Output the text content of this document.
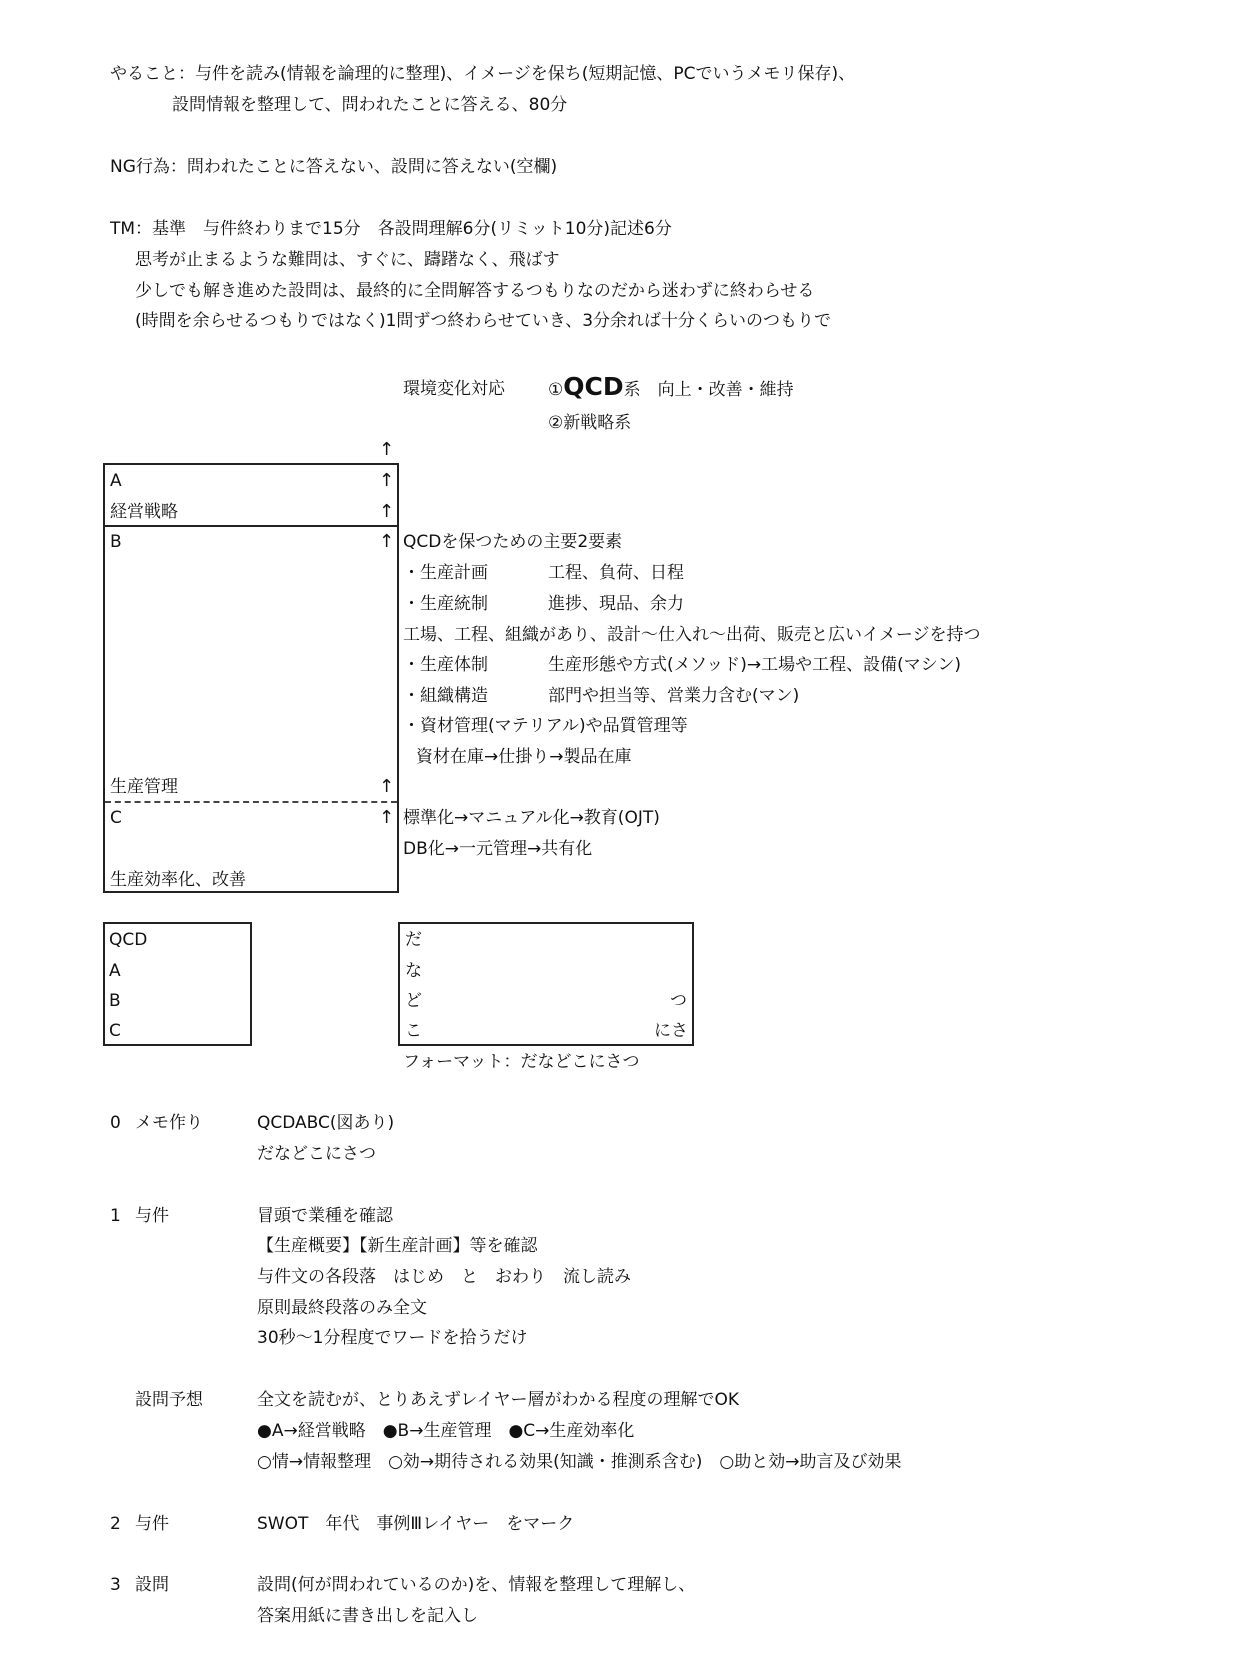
やること：与件を読み(情報を論理的に整理)、イメージを保ち(短期記憶、PCでいうメモリ保存)、
設問情報を整理して、問われたことに答える、80分
NG行為：問われたことに答えない、設問に答えない(空欄)
TM：基準　与件終わりまで15分　各設問理解6分(リミット10分)記述6分
思考が止まるような難問は、すぐに、躊躇なく、飛ばす
少しでも解き進めた設問は、最終的に全問解答するつもりなのだから迷わずに終わらせる
(時間を余らせるつもりではなく)1問ずつ終わらせていき、3分余れば十分くらいのつもりで
環境変化対応	①QCD系　向上・改善・維持
②新戦略系
↑
A	↑
経営戦略	↑
B	↑
生産管理	↑
C	↑
生産効率化、改善
QCDを保つための主要2要素
・生産計画	工程、負荷、日程
・生産統制	進捗、現品、余力
工場、工程、組織があり、設計～仕入れ～出荷、販売と広いイメージを持つ
・生産体制	生産形態や方式(メソッド)→工場や工程、設備(マシン)
・組織構造	部門や担当等、営業力含む(マン)
・資材管理(マテリアル)や品質管理等
資材在庫→仕掛り→製品在庫
標準化→マニュアル化→教育(OJT)
DB化→一元管理→共有化
QCD
A
B
C
だ
な
ど
こ
つ
にさ
フォーマット：だなどこにさつ
0 メモ作り	QCDABC(図あり)
だなどこにさつ
1 与件	冒頭で業種を確認
【生産概要】【新生産計画】等を確認
与件文の各段落　はじめ　と　おわり　流し読み
原則最終段落のみ全文
30秒～1分程度でワードを拾うだけ
設問予想	全文を読むが、とりあえずレイヤー層がわかる程度の理解でOK
●A→経営戦略　●B→生産管理　●C→生産効率化
○情→情報整理　○効→期待される効果(知識・推測系含む)　○助と効→助言及び効果
2 与件	SWOT　年代　事例Ⅲレイヤー　をマーク
3 設問	設問(何が問われているのか)を、情報を整理して理解し、
答案用紙に書き出しを記入し
